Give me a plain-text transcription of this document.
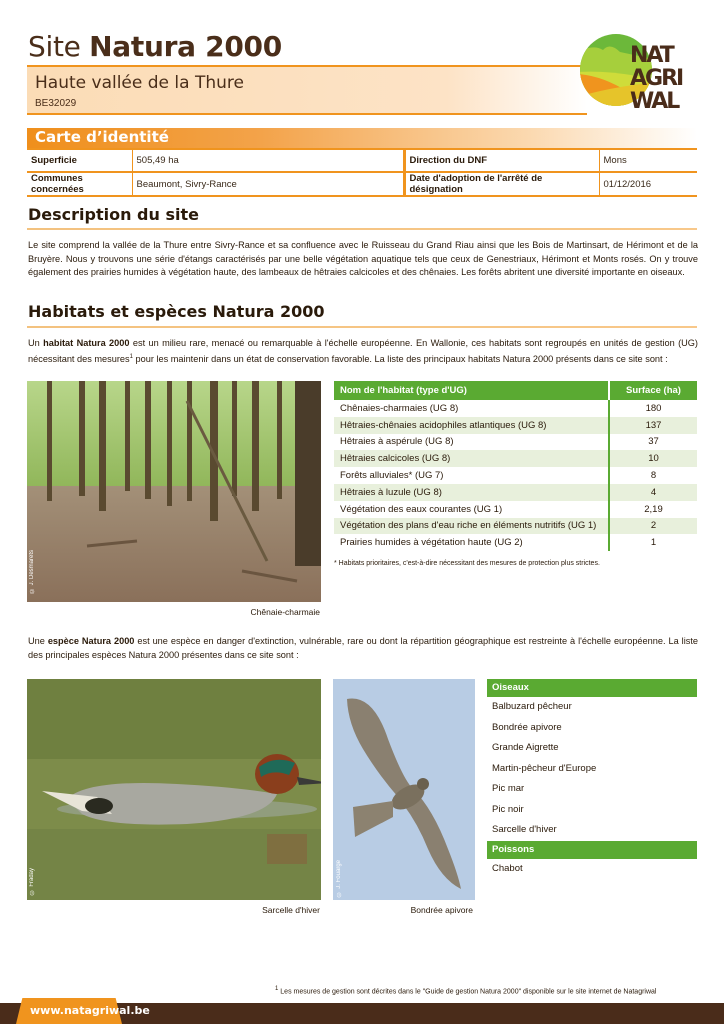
Site Natura 2000
Haute vallée de la Thure
BE32029
NAT
AGRI
WAL
Carte d’identité
Superficie	505,49 ha	Direction du DNF	Mons
Communes concernées	Beaumont, Sivry-Rance	Date d'adoption de l'arrêté de désignation	01/12/2016
Description du site
Le site comprend la vallée de la Thure entre Sivry-Rance et sa confluence avec le Ruisseau du Grand Riau ainsi que les Bois de Martinsart, de Hérimont et de la Bruyère. Nous y trouvons une série d'étangs caractérisés par une belle végétation aquatique tels que ceux de Genestriaux, Hérimont et Monts rosés. On y trouve également des prairies humides à végétation haute, des lambeaux de hêtraies calcicoles et des chênaies. Les forêts abritent une diversité importante en oiseaux.
Habitats et espèces Natura 2000
Un habitat Natura 2000 est un milieu rare, menacé ou remarquable à l'échelle européenne. En Wallonie, ces habitats sont regroupés en unités de gestion (UG) nécessitant des mesures$^1$ pour les maintenir dans un état de conservation favorable. La liste des principaux habitats Natura 2000 présents dans ce site sont :
© J. Desmarets
Chênaie-charmaie
Nom de l'habitat (type d'UG)	Surface (ha)
Chênaies-charmaies (UG 8)	180
Hêtraies-chênaies acidophiles atlantiques (UG 8)	137
Hêtraies à aspérule (UG 8)	37
Hêtraies calcicoles (UG 8)	10
Forêts alluviales* (UG 7)	8
Hêtraies à luzule (UG 8)	4
Végétation des eaux courantes (UG 1)	2,19
Végétation des plans d'eau riche en éléments nutritifs (UG 1)	2
Prairies humides à végétation haute (UG 2)	1
* Habitats prioritaires, c'est-à-dire nécessitant des mesures de protection plus strictes.
Une espèce Natura 2000 est une espèce en danger d'extinction, vulnérable, rare ou dont la répartition géographique est restreinte à l'échelle européenne. La liste des principales espèces Natura 2000 présentes dans ce site sont :
© Fraday
Sarcelle d'hiver
© J. Fouarge
Bondrée apivore
Oiseaux
Balbuzard pêcheur
Bondrée apivore
Grande Aigrette
Martin-pêcheur d'Europe
Pic mar
Pic noir
Sarcelle d'hiver
Poissons
Chabot
$^1$ Les mesures de gestion sont décrites dans le "Guide de gestion Natura 2000" disponible sur le site internet de Natagriwal
www.natagriwal.be
